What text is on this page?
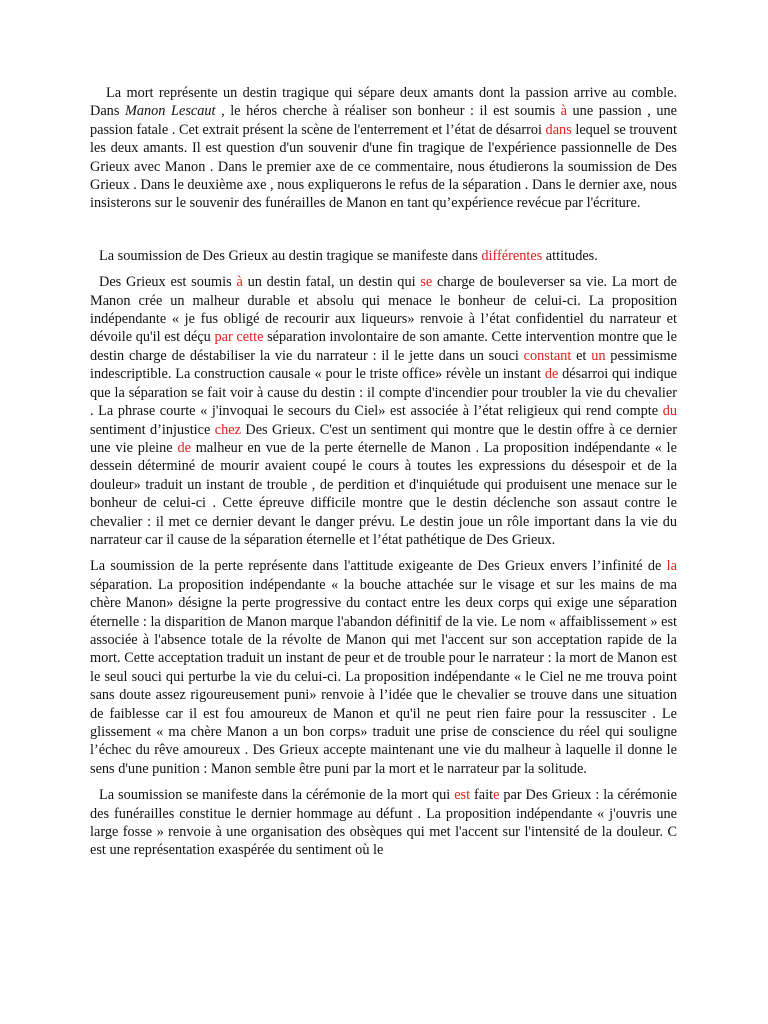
La mort représente un destin tragique qui sépare deux amants dont la passion arrive au comble. Dans Manon Lescaut , le héros cherche à réaliser son bonheur : il est soumis à une passion , une passion fatale . Cet extrait présent la scène de l'enterrement et l’état de désarroi dans lequel se trouvent les deux amants. Il est question d'un souvenir d'une fin tragique de l'expérience passionnelle de Des Grieux avec Manon . Dans le premier axe de ce commentaire, nous étudierons la soumission de Des Grieux . Dans le deuxième axe , nous expliquerons le refus de la séparation . Dans le dernier axe, nous insisterons sur le souvenir des funérailles de Manon en tant qu’expérience revécue par l'écriture.

La soumission de Des Grieux au destin tragique se manifeste dans différentes attitudes.

Des Grieux est soumis à un destin fatal, un destin qui se charge de bouleverser sa vie. La mort de Manon crée un malheur durable et absolu qui menace le bonheur de celui-ci. La proposition indépendante « je fus obligé de recourir aux liqueurs» renvoie à l’état confidentiel du narrateur et dévoile qu'il est déçu par cette séparation involontaire de son amante. Cette intervention montre que le destin charge de déstabiliser la vie du narrateur : il le jette dans un souci constant et un pessimisme indescriptible. La construction causale « pour le triste office» révèle un instant de désarroi qui indique que la séparation se fait voir à cause du destin : il compte d'incendier pour troubler la vie du chevalier . La phrase courte « j'invoquai le secours du Ciel» est associée à l’état religieux qui rend compte du sentiment d’injustice chez Des Grieux. C'est un sentiment qui montre que le destin offre à ce dernier une vie pleine de malheur en vue de la perte éternelle de Manon . La proposition indépendante « le dessein déterminé de mourir avaient coupé le cours à toutes les expressions du désespoir et de la douleur» traduit un instant de trouble , de perdition et d'inquiétude qui produisent une menace sur le bonheur de celui-ci . Cette épreuve difficile montre que le destin déclenche son assaut contre le chevalier : il met ce dernier devant le danger prévu. Le destin joue un rôle important dans la vie du narrateur car il cause de la séparation éternelle et l’état pathétique de Des Grieux.

La soumission de la perte représente dans l'attitude exigeante de Des Grieux envers l’infinité de la séparation. La proposition indépendante « la bouche attachée sur le visage et sur les mains de ma chère Manon» désigne la perte progressive du contact entre les deux corps qui exige une séparation éternelle : la disparition de Manon marque l'abandon définitif de la vie. Le nom « affaiblissement » est associée à l'absence totale de la révolte de Manon qui met l'accent sur son acceptation rapide de la mort. Cette acceptation traduit un instant de peur et de trouble pour le narrateur : la mort de Manon est le seul souci qui perturbe la vie du celui-ci. La proposition indépendante « le Ciel ne me trouva point sans doute assez rigoureusement puni» renvoie à l’idée que le chevalier se trouve dans une situation de faiblesse car il est fou amoureux de Manon et qu'il ne peut rien faire pour la ressusciter . Le glissement « ma chère Manon a un bon corps» traduit une prise de conscience du réel qui souligne l’échec du rêve amoureux . Des Grieux accepte maintenant une vie du malheur à laquelle il donne le sens d'une punition : Manon semble être puni par la mort et le narrateur par la solitude.

La soumission se manifeste dans la cérémonie de la mort qui est faite par Des Grieux : la cérémonie des funérailles constitue le dernier hommage au défunt . La proposition indépendante « j'ouvris une large fosse » renvoie à une organisation des obsèques qui met l'accent sur l'intensité de la douleur. C est une représentation exaspérée du sentiment où le
